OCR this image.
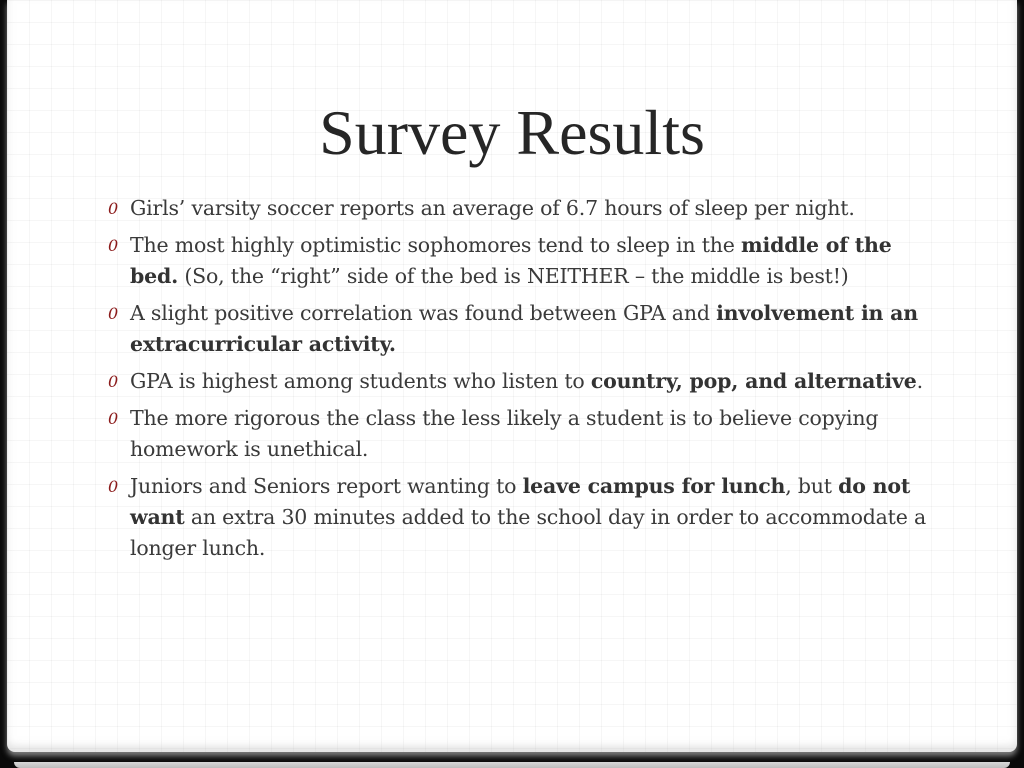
Survey Results
0 Girls’ varsity soccer reports an average of 6.7 hours of sleep per night.
0 The most highly optimistic sophomores tend to sleep in the middle of the bed. (So, the “right” side of the bed is NEITHER – the middle is best!)
0 A slight positive correlation was found between GPA and involvement in an extracurricular activity.
0 GPA is highest among students who listen to country, pop, and alternative.
0 The more rigorous the class the less likely a student is to believe copying homework is unethical.
0 Juniors and Seniors report wanting to leave campus for lunch, but do not want an extra 30 minutes added to the school day in order to accommodate a longer lunch.
